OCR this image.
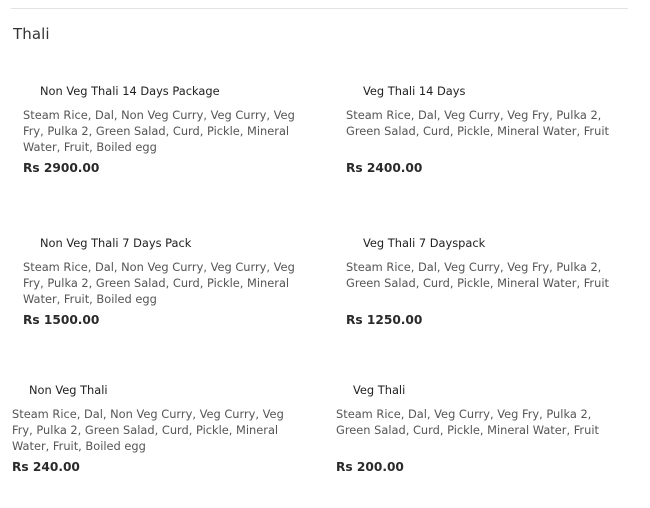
Thali
Non Veg Thali 14 Days Package
Steam Rice, Dal, Non Veg Curry, Veg Curry, Veg Fry, Pulka 2, Green Salad, Curd, Pickle, Mineral Water, Fruit, Boiled egg
Rs 2900.00
Veg Thali 14 Days
Steam Rice, Dal, Veg Curry, Veg Fry, Pulka 2, Green Salad, Curd, Pickle, Mineral Water, Fruit
Rs 2400.00
Non Veg Thali 7 Days Pack
Steam Rice, Dal, Non Veg Curry, Veg Curry, Veg Fry, Pulka 2, Green Salad, Curd, Pickle, Mineral Water, Fruit, Boiled egg
Rs 1500.00
Veg Thali 7 Dayspack
Steam Rice, Dal, Veg Curry, Veg Fry, Pulka 2, Green Salad, Curd, Pickle, Mineral Water, Fruit
Rs 1250.00
Non Veg Thali
Steam Rice, Dal, Non Veg Curry, Veg Curry, Veg Fry, Pulka 2, Green Salad, Curd, Pickle, Mineral Water, Fruit, Boiled egg
Rs 240.00
Veg Thali
Steam Rice, Dal, Veg Curry, Veg Fry, Pulka 2, Green Salad, Curd, Pickle, Mineral Water, Fruit
Rs 200.00
